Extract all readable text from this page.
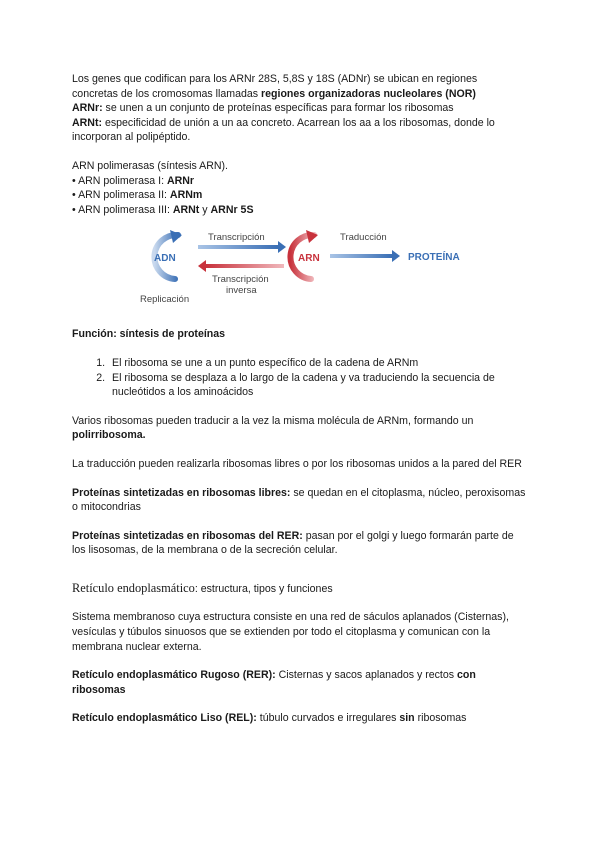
Los genes que codifican para los ARNr 28S, 5,8S y 18S (ADNr) se ubican en regiones
concretas de los cromosomas llamadas regiones organizadoras nucleolares (NOR)
ARNr: se unen a un conjunto de proteínas específicas para formar los ribosomas
ARNt: especificidad de unión a un aa concreto. Acarrean los aa a los ribosomas, donde lo incorporan al polipéptido.

ARN polimerasas (síntesis ARN).
• ARN polimerasa I: ARNr
• ARN polimerasa II: ARNm
• ARN polimerasa III: ARNt y ARNr 5S

ADN
Transcripción
Transcripción
inversa
Replicación
ARN
Traducción
PROTEÍNA

Función: síntesis de proteínas

1. El ribosoma se une a un punto específico de la cadena de ARNm
2. El ribosoma se desplaza a lo largo de la cadena y va traduciendo la secuencia de nucleótidos a los aminoácidos

Varios ribosomas pueden traducir a la vez la misma molécula de ARNm, formando un
polirribosoma.

La traducción pueden realizarla ribosomas libres o por los ribosomas unidos a la pared del RER

Proteínas sintetizadas en ribosomas libres: se quedan en el citoplasma, núcleo, peroxisomas o mitocondrias

Proteínas sintetizadas en ribosomas del RER: pasan por el golgi y luego formarán parte de los lisosomas, de la membrana o de la secreción celular.

Retículo endoplasmático: estructura, tipos y funciones

Sistema membranoso cuya estructura consiste en una red de sáculos aplanados (Cisternas), vesículas y túbulos sinuosos que se extienden por todo el citoplasma y comunican con la membrana nuclear externa.

Retículo endoplasmático Rugoso (RER): Cisternas y sacos aplanados y rectos con ribosomas

Retículo endoplasmático Liso (REL): túbulo curvados e irregulares sin ribosomas
